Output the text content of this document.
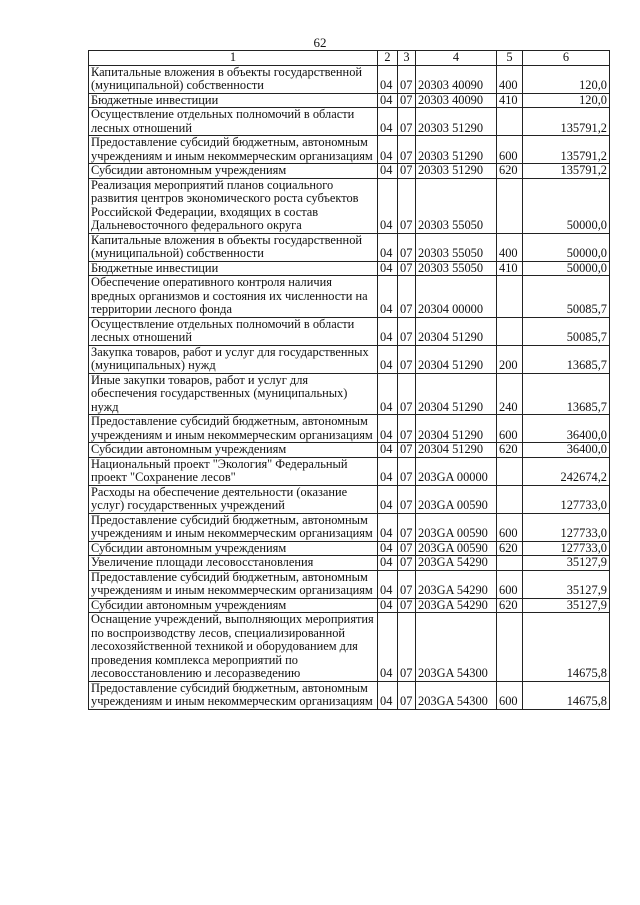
62
1	2	3	4	5	6
Капитальные вложения в объекты государственной (муниципальной) собственности	04	07	20303 40090	400	120,0
Бюджетные инвестиции	04	07	20303 40090	410	120,0
Осуществление отдельных полномочий в области лесных отношений	04	07	20303 51290		135791,2
Предоставление субсидий бюджетным, автономным учреждениям и иным некоммерческим организациям	04	07	20303 51290	600	135791,2
Субсидии автономным учреждениям	04	07	20303 51290	620	135791,2
Реализация мероприятий планов социального развития центров экономического роста субъектов Российской Федерации, входящих в состав Дальневосточного федерального округа	04	07	20303 55050		50000,0
Капитальные вложения в объекты государственной (муниципальной) собственности	04	07	20303 55050	400	50000,0
Бюджетные инвестиции	04	07	20303 55050	410	50000,0
Обеспечение оперативного контроля наличия вредных организмов и состояния их численности на территории лесного фонда	04	07	20304 00000		50085,7
Осуществление отдельных полномочий в области лесных отношений	04	07	20304 51290		50085,7
Закупка товаров, работ и услуг для государственных (муниципальных) нужд	04	07	20304 51290	200	13685,7
Иные закупки товаров, работ и услуг для обеспечения государственных (муниципальных) нужд	04	07	20304 51290	240	13685,7
Предоставление субсидий бюджетным, автономным учреждениям и иным некоммерческим организациям	04	07	20304 51290	600	36400,0
Субсидии автономным учреждениям	04	07	20304 51290	620	36400,0
Национальный проект "Экология" Федеральный проект "Сохранение лесов"	04	07	203GA 00000		242674,2
Расходы на обеспечение деятельности (оказание услуг) государственных учреждений	04	07	203GA 00590		127733,0
Предоставление субсидий бюджетным, автономным учреждениям и иным некоммерческим организациям	04	07	203GA 00590	600	127733,0
Субсидии автономным учреждениям	04	07	203GA 00590	620	127733,0
Увеличение площади лесовосстановления	04	07	203GA 54290		35127,9
Предоставление субсидий бюджетным, автономным учреждениям и иным некоммерческим организациям	04	07	203GA 54290	600	35127,9
Субсидии автономным учреждениям	04	07	203GA 54290	620	35127,9
Оснащение учреждений, выполняющих мероприятия по воспроизводству лесов, специализированной лесохозяйственной техникой и оборудованием для проведения комплекса мероприятий по лесовосстановлению и лесоразведению	04	07	203GA 54300		14675,8
Предоставление субсидий бюджетным, автономным учреждениям и иным некоммерческим организациям	04	07	203GA 54300	600	14675,8
